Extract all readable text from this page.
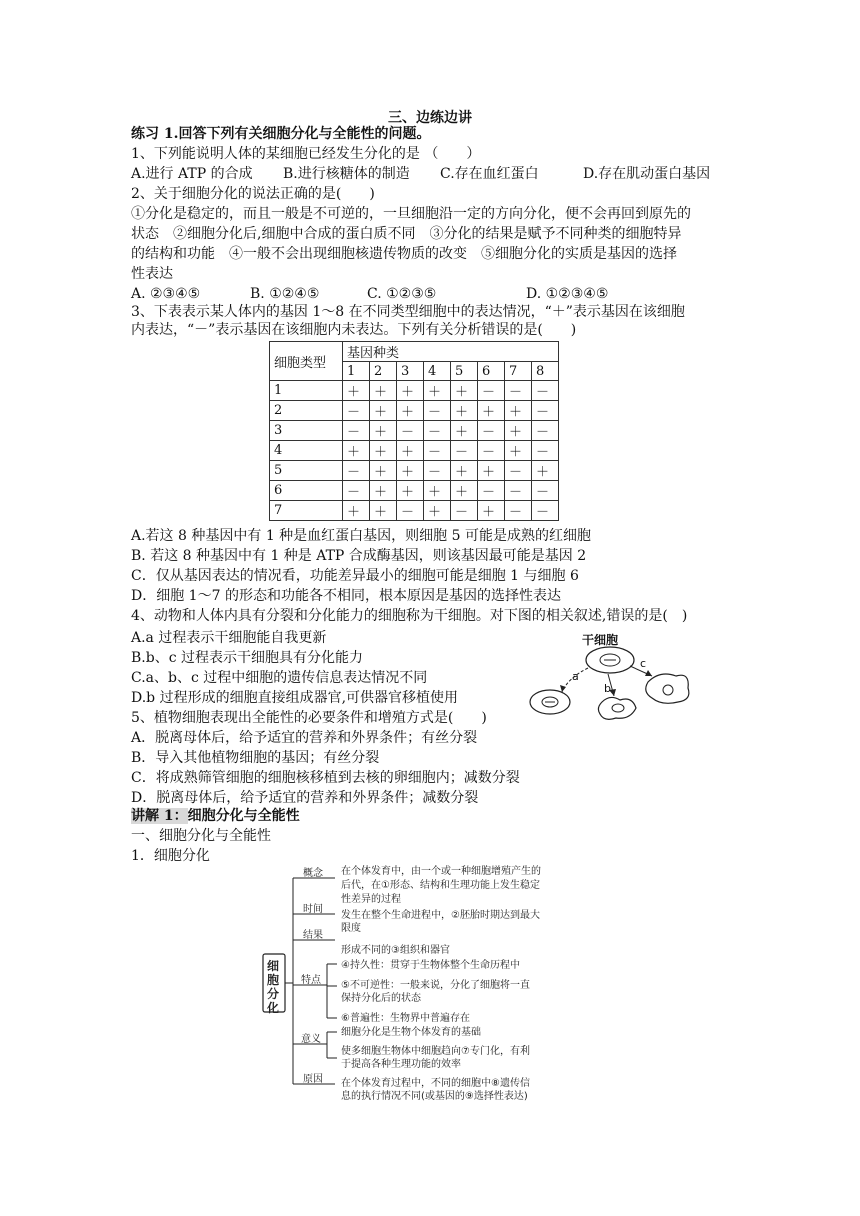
三、边练边讲
练习 1.回答下列有关细胞分化与全能性的问题。
1、下列能说明人体的某细胞已经发生分化的是 （　　）
A.进行 ATP 的合成 B.进行核糖体的制造 C.存在血红蛋白	D.存在肌动蛋白基因
2、关于细胞分化的说法正确的是(　　)
①分化是稳定的，而且一般是不可逆的，一旦细胞沿一定的方向分化，便不会再回到原先的
状态　②细胞分化后,细胞中合成的蛋白质不同　③分化的结果是赋予不同种类的细胞特异
的结构和功能　④一般不会出现细胞核遗传物质的改变　⑤细胞分化的实质是基因的选择
性表达
A. ②③④⑤	B. ①②④⑤	C. ①②③⑤	D. ①②③④⑤
3、下表表示某人体内的基因 1～8 在不同类型细胞中的表达情况，“＋”表示基因在该细胞
内表达，“－”表示基因在该细胞内未表达。下列有关分析错误的是(　　)
细胞类型	基因种类							
	1	2	3	4	5	6	7	8
1	＋	＋	＋	＋	＋	－	－	－
2	－	＋	＋	－	＋	＋	＋	－
3	－	＋	－	－	＋	－	＋	－
4	＋	＋	＋	－	－	－	＋	－
5	－	＋	＋	－	＋	＋	－	＋
6	－	＋	＋	＋	＋	－	－	－
7	＋	＋	－	＋	－	＋	－	－
A.若这 8 种基因中有 1 种是血红蛋白基因，则细胞 5 可能是成熟的红细胞
B. 若这 8 种基因中有 1 种是 ATP 合成酶基因，则该基因最可能是基因 2
C．仅从基因表达的情况看，功能差异最小的细胞可能是细胞 1 与细胞 6
D．细胞 1～7 的形态和功能各不相同，根本原因是基因的选择性表达
4、动物和人体内具有分裂和分化能力的细胞称为干细胞。对下图的相关叙述,错误的是(　)
A.a 过程表示干细胞能自我更新
B.b、c 过程表示干细胞具有分化能力
C.a、b、c 过程中细胞的遗传信息表达情况不同
D.b 过程形成的细胞直接组成器官,可供器官移植使用
干细胞
a
b
c
5、植物细胞表现出全能性的必要条件和增殖方式是(　　)
A．脱离母体后，给予适宜的营养和外界条件；有丝分裂
B．导入其他植物细胞的基因；有丝分裂
C．将成熟筛管细胞的细胞核移植到去核的卵细胞内；减数分裂
D．脱离母体后，给予适宜的营养和外界条件；减数分裂
讲解 1：细胞分化与全能性
一、细胞分化与全能性
1．细胞分化
细
胞
分
化
概念
时间
结果
特点
意义
原因
在个体发育中，由一个或一种细胞增殖产生的
后代，在①形态、结构和生理功能上发生稳定
性差异的过程
发生在整个生命进程中，②胚胎时期达到最大
限度
形成不同的③组织和器官
④持久性：贯穿于生物体整个生命历程中
⑤不可逆性：一般来说，分化了细胞将一直
保持分化后的状态
⑥普遍性：生物界中普遍存在
细胞分化是生物个体发育的基础
使多细胞生物体中细胞趋向⑦专门化，有利
于提高各种生理功能的效率
在个体发育过程中，不同的细胞中⑧遗传信
息的执行情况不同(或基因的⑨选择性表达)
